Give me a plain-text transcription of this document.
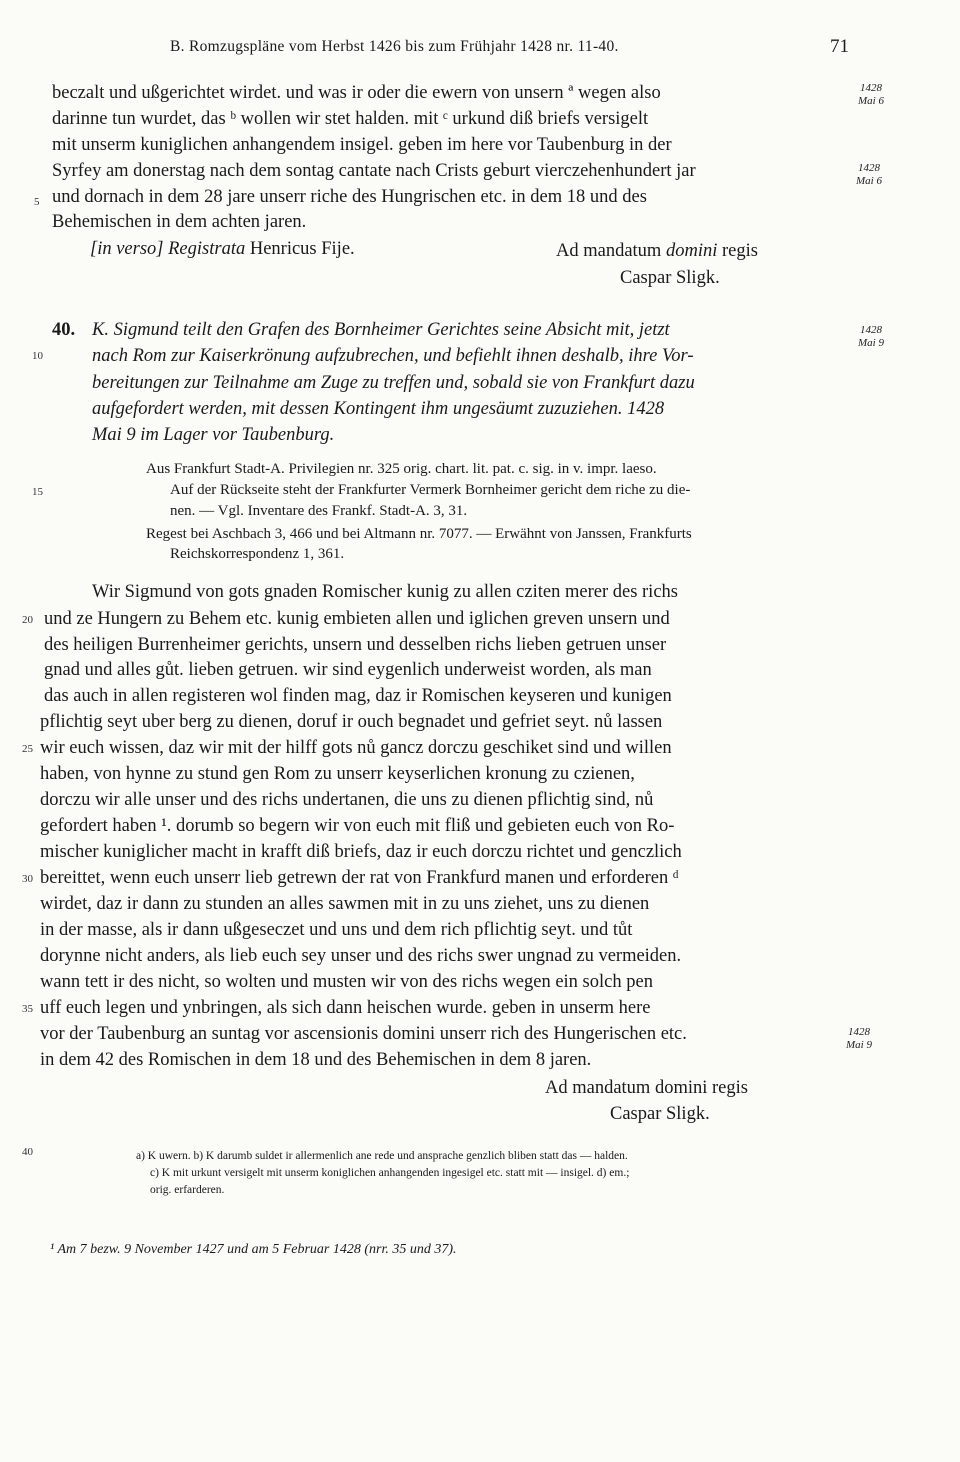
B. Romzugspläne vom Herbst 1426 bis zum Frühjahr 1428 nr. 11-40.	71
beczalt und ußgerichtet wirdet. und was ir oder die ewern von unsern ª wegen also
darinne tun wurdet, das ᵇ wollen wir stet halden. mit ᶜ urkund diß briefs versigelt
mit unserm kuniglichen anhangendem insigel. geben im here vor Taubenburg in der
Syrfey am donerstag nach dem sontag cantate nach Crists geburt vierczehenhundert jar
und dornach in dem 28 jare unserr riche des Hungrischen etc. in dem 18 und des
Behemischen in dem achten jaren.
[in verso] Registrata Henricus Fije.	Ad mandatum domini regis
Caspar Sligk.
40. K. Sigmund teilt den Grafen des Bornheimer Gerichtes seine Absicht mit, jetzt
nach Rom zur Kaiserkrönung aufzubrechen, und befiehlt ihnen deshalb, ihre Vor-
bereitungen zur Teilnahme am Zuge zu treffen und, sobald sie von Frankfurt dazu
aufgefordert werden, mit dessen Kontingent ihm ungesäumt zuzuziehen. 1428
Mai 9 im Lager vor Taubenburg.
Aus Frankfurt Stadt-A. Privilegien nr. 325 orig. chart. lit. pat. c. sig. in v. impr. laeso.
Auf der Rückseite steht der Frankfurter Vermerk Bornheimer gericht dem riche zu die-
nen. — Vgl. Inventare des Frankf. Stadt-A. 3, 31.
Regest bei Aschbach 3, 466 und bei Altmann nr. 7077. — Erwähnt von Janssen, Frankfurts
Reichskorrespondenz 1, 361.
Wir Sigmund von gots gnaden Romischer kunig zu allen cziten merer des richs
und ze Hungern zu Behem etc. kunig embieten allen und iglichen greven unsern und
des heiligen Burrenheimer gerichts, unsern und desselben richs lieben getruen unser
gnad und alles gůt. lieben getruen. wir sind eygenlich underweist worden, als man
das auch in allen registeren wol finden mag, daz ir Romischen keyseren und kunigen
pflichtig seyt uber berg zu dienen, doruf ir ouch begnadet und gefriet seyt. nů lassen
wir euch wissen, daz wir mit der hilff gots nů gancz dorczu geschiket sind und willen
haben, von hynne zu stund gen Rom zu unserr keyserlichen kronung zu czienen,
dorczu wir alle unser und des richs undertanen, die uns zu dienen pflichtig sind, nů
gefordert haben ¹. dorumb so begern wir von euch mit fliß und gebieten euch von Ro-
mischer kuniglicher macht in krafft diß briefs, daz ir euch dorczu richtet und genczlich
bereittet, wenn euch unserr lieb getrewn der rat von Frankfurd manen und erforderen ᵈ
wirdet, daz ir dann zu stunden an alles sawmen mit in zu uns ziehet, uns zu dienen
in der masse, als ir dann ußgeseczet und uns und dem rich pflichtig seyt. und tůt
dorynne nicht anders, als lieb euch sey unser und des richs swer ungnad zu vermeiden.
wann tett ir des nicht, so wolten und musten wir von des richs wegen ein solch pen
uff euch legen und ynbringen, als sich dann heischen wurde. geben in unserm here
vor der Taubenburg an suntag vor ascensionis domini unserr rich des Hungerischen etc.
in dem 42 des Romischen in dem 18 und des Behemischen in dem 8 jaren.
Ad mandatum domini regis
Caspar Sligk.
a) K uwern. b) K darumb suldet ir allermenlich ane rede und ansprache genzlich bliben statt das — halden.
c) K mit urkunt versigelt mit unserm koniglichen anhangenden ingesigel etc. statt mit — insigel. d) em.;
orig. erfarderen.
¹ Am 7 bezw. 9 November 1427 und am 5 Februar 1428 (nrr. 35 und 37).
5
10
15
20
25
30
35
40
1428
Mai 6
1428
Mai 6
1428
Mai 9
1428
Mai 9
